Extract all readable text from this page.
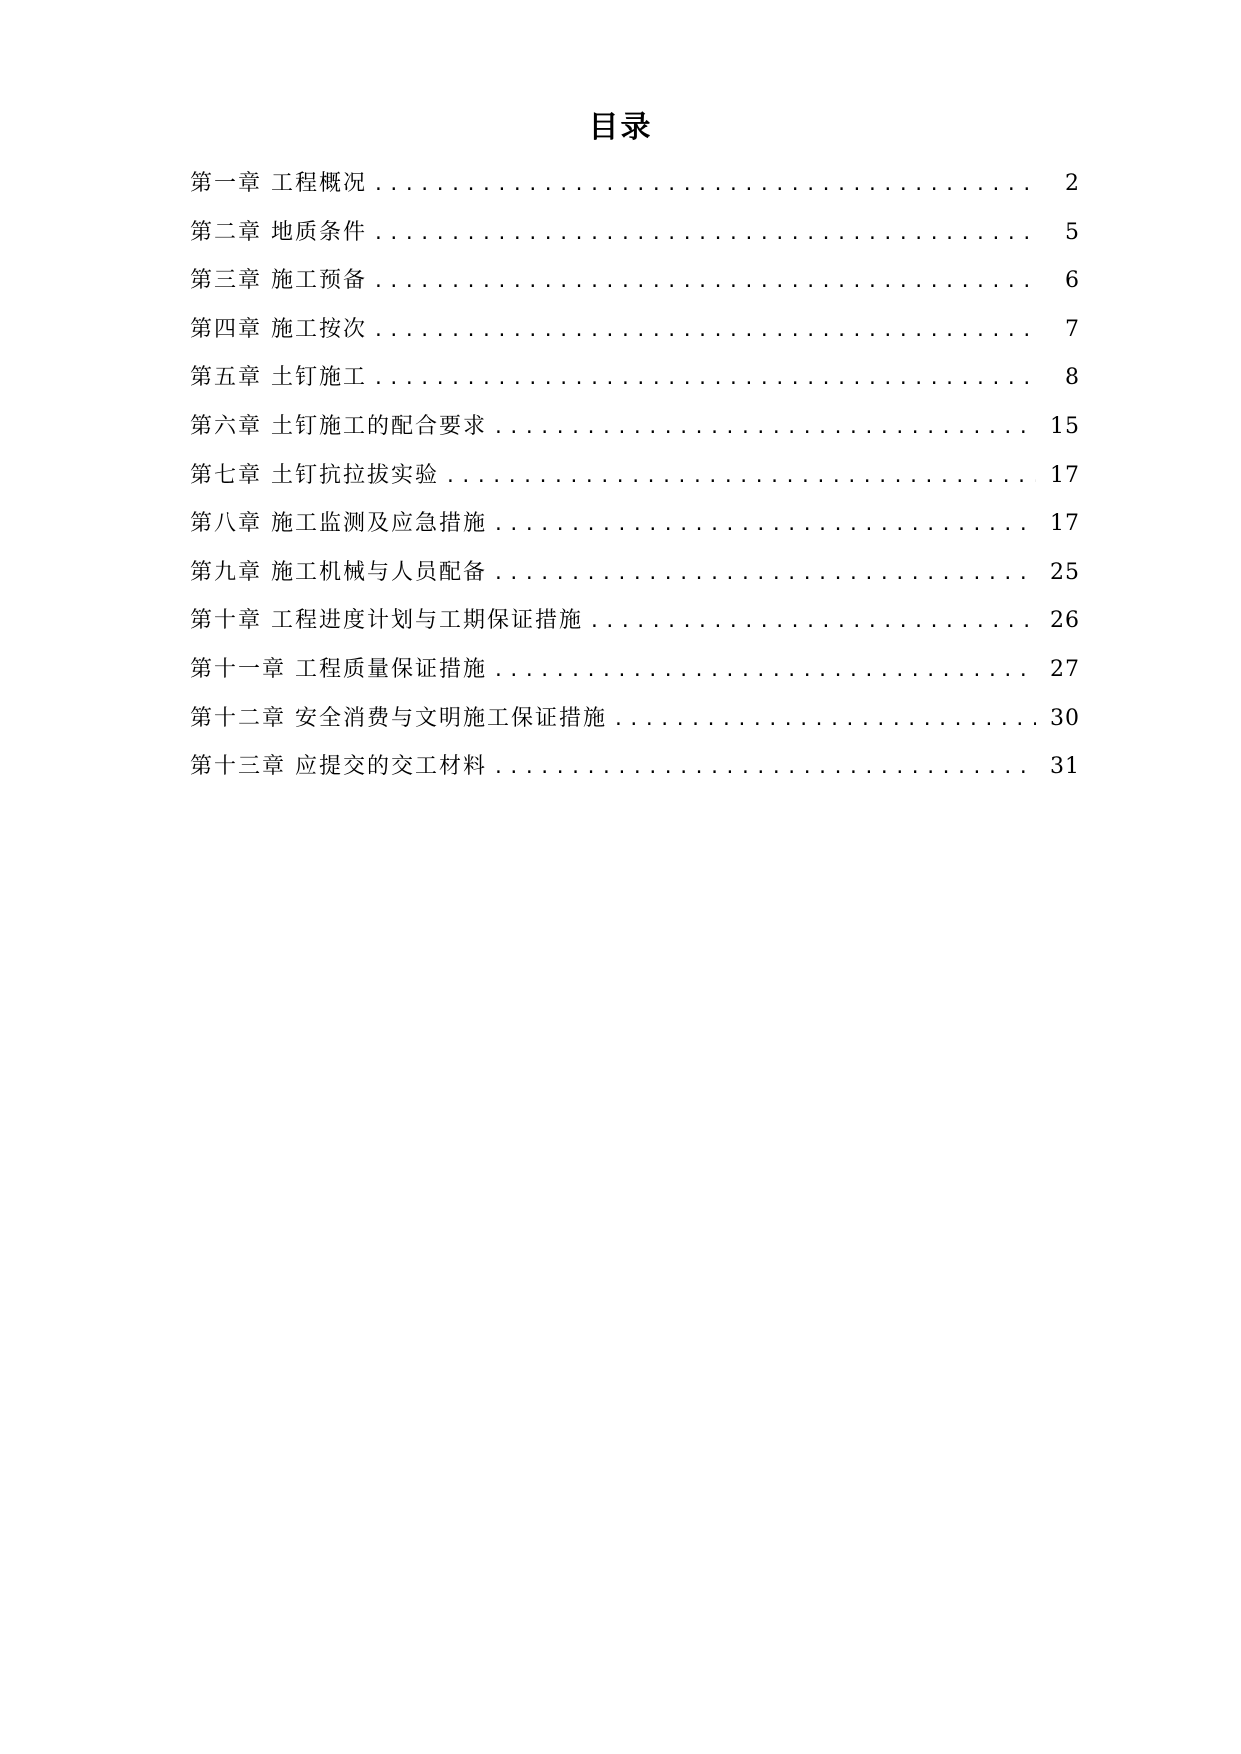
目录
第一章 工程概况 .....	2
第二章 地质条件 .....	5
第三章 施工预备 .....	6
第四章 施工按次 .....	7
第五章 土钉施工 .....	8
第六章 土钉施工的配合要求 .....	15
第七章 土钉抗拉拔实验 .....	17
第八章 施工监测及应急措施 .....	17
第九章 施工机械与人员配备 .....	25
第十章 工程进度计划与工期保证措施 .....	26
第十一章 工程质量保证措施 .....	27
第十二章 安全消费与文明施工保证措施 .....	30
第十三章 应提交的交工材料 .....	31
